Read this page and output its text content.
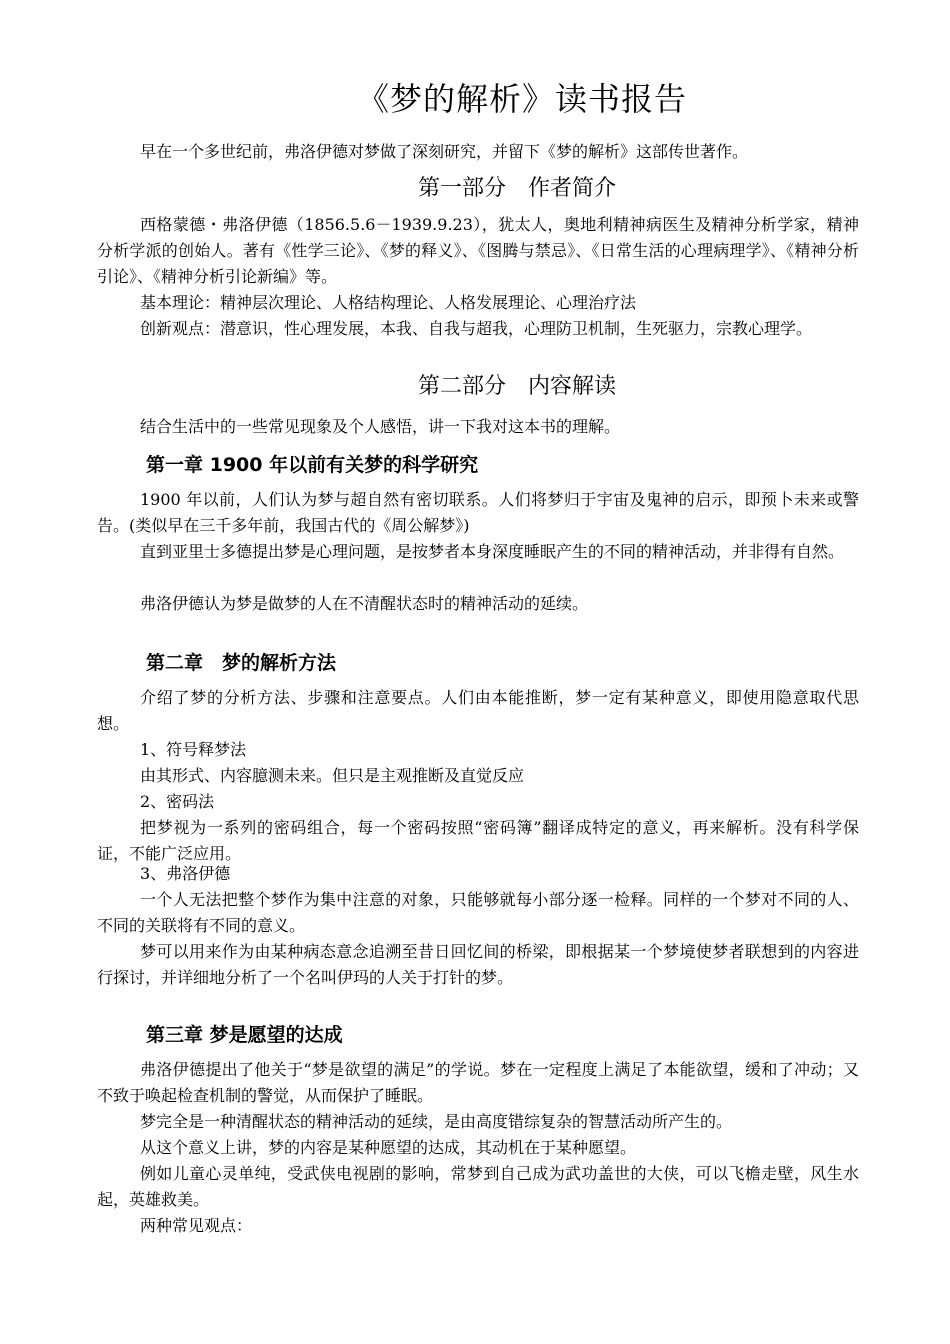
《梦的解析》读书报告

早在一个多世纪前，弗洛伊德对梦做了深刻研究，并留下《梦的解析》这部传世著作。

第一部分　作者简介

西格蒙德・弗洛伊德（1856.5.6－1939.9.23），犹太人，奥地利精神病医生及精神分析学家，精神分析学派的创始人。著有《性学三论》、《梦的释义》、《图腾与禁忌》、《日常生活的心理病理学》、《精神分析引论》、《精神分析引论新编》等。

基本理论：精神层次理论、人格结构理论、人格发展理论、心理治疗法

创新观点：潜意识，性心理发展，本我、自我与超我，心理防卫机制，生死驱力，宗教心理学。

第二部分　内容解读

结合生活中的一些常见现象及个人感悟，讲一下我对这本书的理解。

第一章 1900 年以前有关梦的科学研究

1900 年以前，人们认为梦与超自然有密切联系。人们将梦归于宇宙及鬼神的启示，即预卜未来或警告。(类似早在三千多年前，我国古代的《周公解梦》)

直到亚里士多德提出梦是心理问题，是按梦者本身深度睡眠产生的不同的精神活动，并非得有自然。

弗洛伊德认为梦是做梦的人在不清醒状态时的精神活动的延续。

第二章　梦的解析方法

介绍了梦的分析方法、步骤和注意要点。人们由本能推断，梦一定有某种意义，即使用隐意取代思想。

1、符号释梦法

由其形式、内容臆测未来。但只是主观推断及直觉反应

2、密码法

把梦视为一系列的密码组合，每一个密码按照“密码簿”翻译成特定的意义，再来解析。没有科学保证，不能广泛应用。

3、弗洛伊德

一个人无法把整个梦作为集中注意的对象，只能够就每小部分逐一检释。同样的一个梦对不同的人、不同的关联将有不同的意义。

梦可以用来作为由某种病态意念追溯至昔日回忆间的桥梁，即根据某一个梦境使梦者联想到的内容进行探讨，并详细地分析了一个名叫伊玛的人关于打针的梦。

第三章 梦是愿望的达成

弗洛伊德提出了他关于“梦是欲望的满足”的学说。梦在一定程度上满足了本能欲望，缓和了冲动；又不致于唤起检查机制的警觉，从而保护了睡眠。

梦完全是一种清醒状态的精神活动的延续，是由高度错综复杂的智慧活动所产生的。

从这个意义上讲，梦的内容是某种愿望的达成，其动机在于某种愿望。

例如儿童心灵单纯，受武侠电视剧的影响，常梦到自己成为武功盖世的大侠，可以飞檐走壁，风生水起，英雄救美。

两种常见观点：
